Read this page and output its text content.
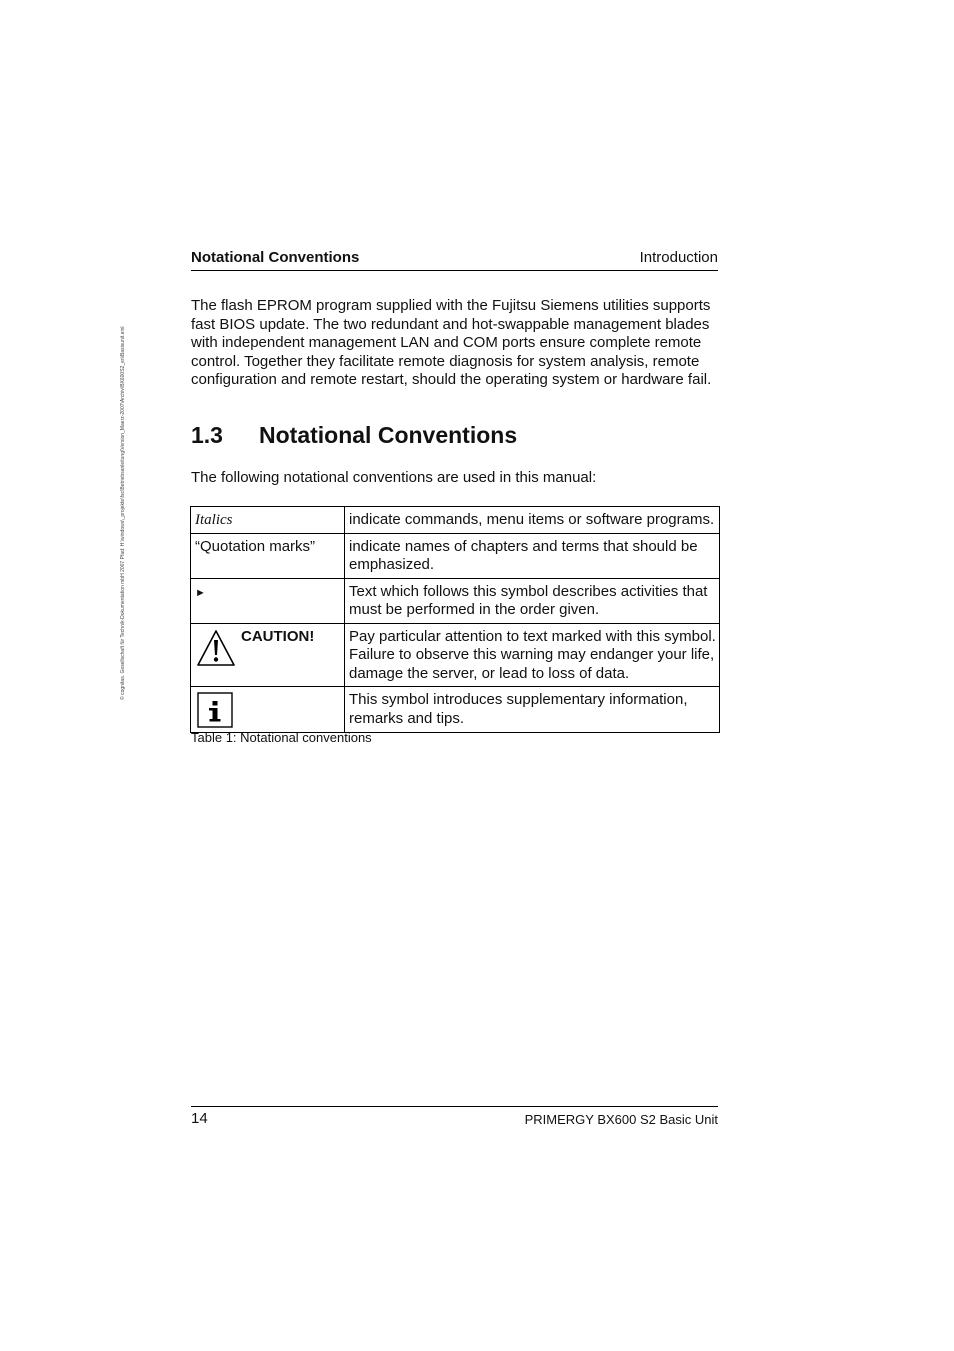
© cognitas. Gesellschaft für Technik-Dokumentation mbH 2007 Pfad: H:\windows\_projekte\fsc\Betriebsanleitung\Version_Maerz-2007\Archiv\BX600S2_en\Basisunit.einl
Notational Conventions	Introduction

The flash EPROM program supplied with the Fujitsu Siemens utilities supports fast BIOS update. The two redundant and hot-swappable management blades with independent management LAN and COM ports ensure complete remote control. Together they facilitate remote diagnosis for system analysis, remote configuration and remote restart, should the operating system or hardware fail.

1.3 Notational Conventions

The following notational conventions are used in this manual:

Italics	indicate commands, menu items or software programs.
“Quotation marks”	indicate names of chapters and terms that should be emphasized.
►	Text which follows this symbol describes activities that must be performed in the order given.

CAUTION!	Pay particular attention to text marked with this symbol. Failure to observe this warning may endanger your life, damage the server, or lead to loss of data.

	This symbol introduces supplementary information, remarks and tips.

Table 1: Notational conventions

14	PRIMERGY BX600 S2 Basic Unit
